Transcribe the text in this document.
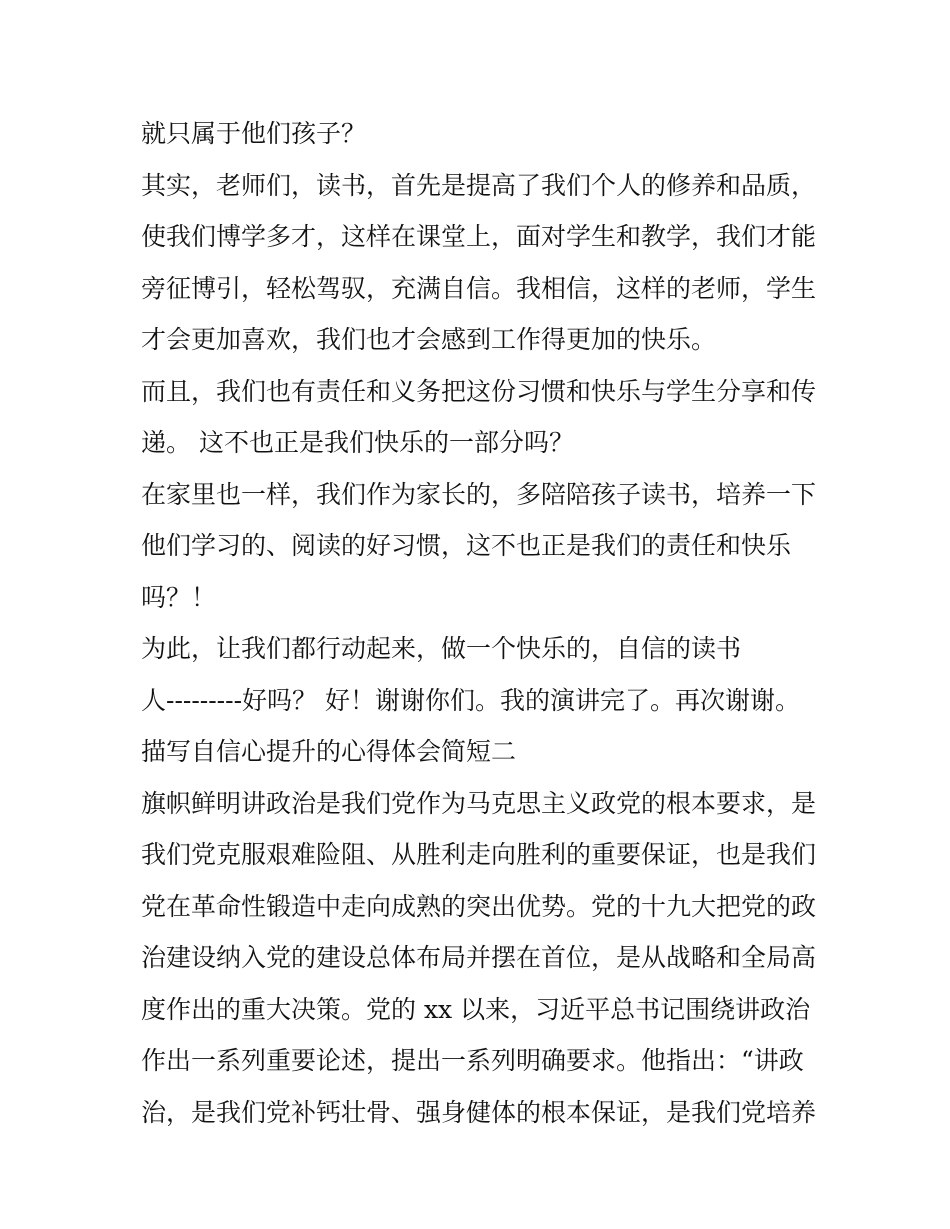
就只属于他们孩子？
其实，老师们，读书，首先是提高了我们个人的修养和品质，
使我们博学多才，这样在课堂上，面对学生和教学，我们才能
旁征博引，轻松驾驭，充满自信。我相信，这样的老师，学生
才会更加喜欢，我们也才会感到工作得更加的快乐。
而且，我们也有责任和义务把这份习惯和快乐与学生分享和传
递。 这不也正是我们快乐的一部分吗？
在家里也一样，我们作为家长的，多陪陪孩子读书，培养一下
他们学习的、阅读的好习惯，这不也正是我们的责任和快乐
吗？！
为此，让我们都行动起来，做一个快乐的，自信的读书
人---------好吗？ 好！谢谢你们。我的演讲完了。再次谢谢。
描写自信心提升的心得体会简短二
旗帜鲜明讲政治是我们党作为马克思主义政党的根本要求，是
我们党克服艰难险阻、从胜利走向胜利的重要保证，也是我们
党在革命性锻造中走向成熟的突出优势。党的十九大把党的政
治建设纳入党的建设总体布局并摆在首位，是从战略和全局高
度作出的重大决策。党的 xx 以来，习近平总书记围绕讲政治
作出一系列重要论述，提出一系列明确要求。他指出：“讲政
治，是我们党补钙壮骨、强身健体的根本保证，是我们党培养
